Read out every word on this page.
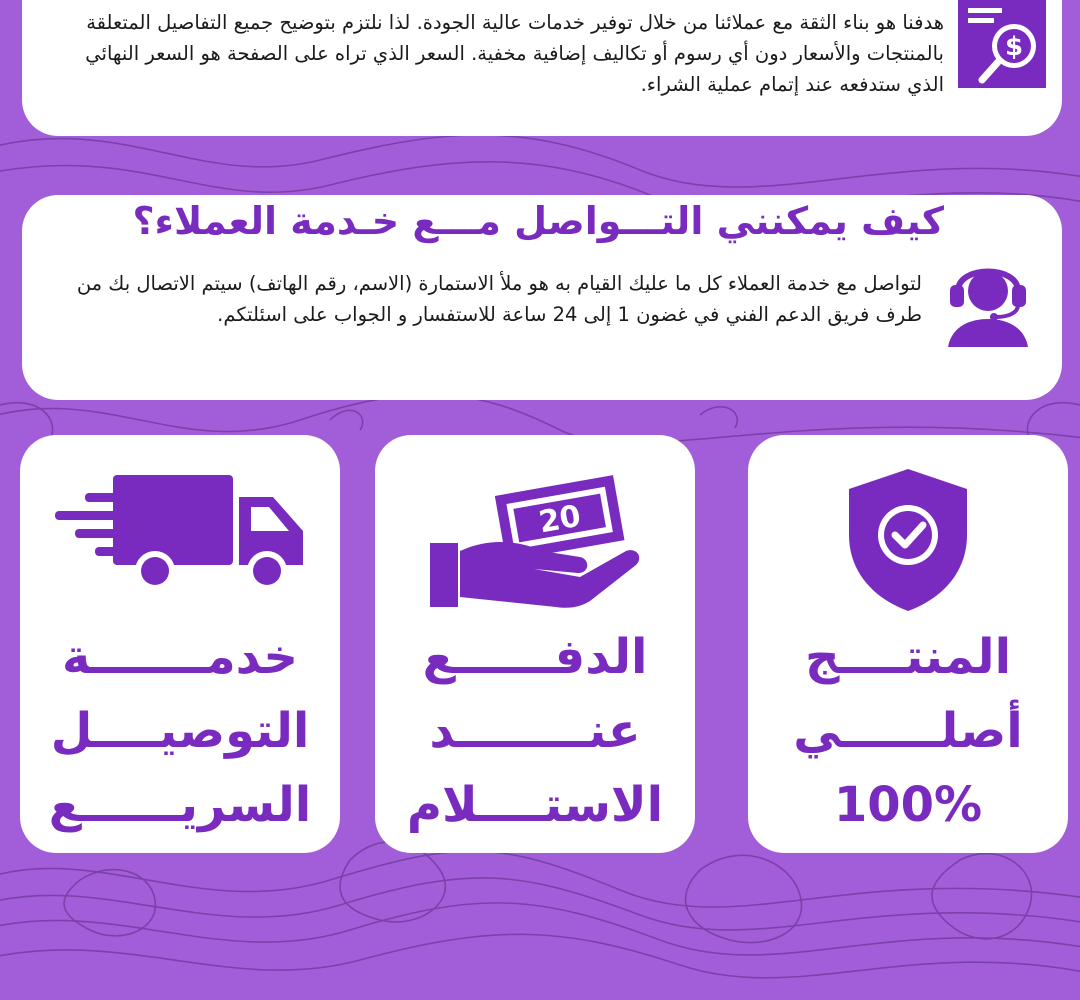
$

هدفنا هو بناء الثقة مع عملائنا من خلال توفير خدمات عالية الجودة. لذا نلتزم بتوضيح جميع التفاصيل المتعلقة بالمنتجات والأسعار دون أي رسوم أو تكاليف إضافية مخفية. السعر الذي تراه على الصفحة هو السعر النهائي الذي ستدفعه عند إتمام عملية الشراء.

كيف يمكنني التـــواصل مـــع خـدمة العملاء؟

لتواصل مع خدمة العملاء كل ما عليك القيام به هو ملأ الاستمارة (الاسم، رقم الهاتف) سيتم الاتصال بك من طرف فريق الدعم الفني في غضون 1 إلى 24 ساعة للاستفسار و الجواب على اسئلتكم.

خدمـــــــة
التوصيــــل
السريــــــع
20
الدفــــــع
عنــــــــد
الاستــــلام
المنتــــج
أصلــــــي
100%
